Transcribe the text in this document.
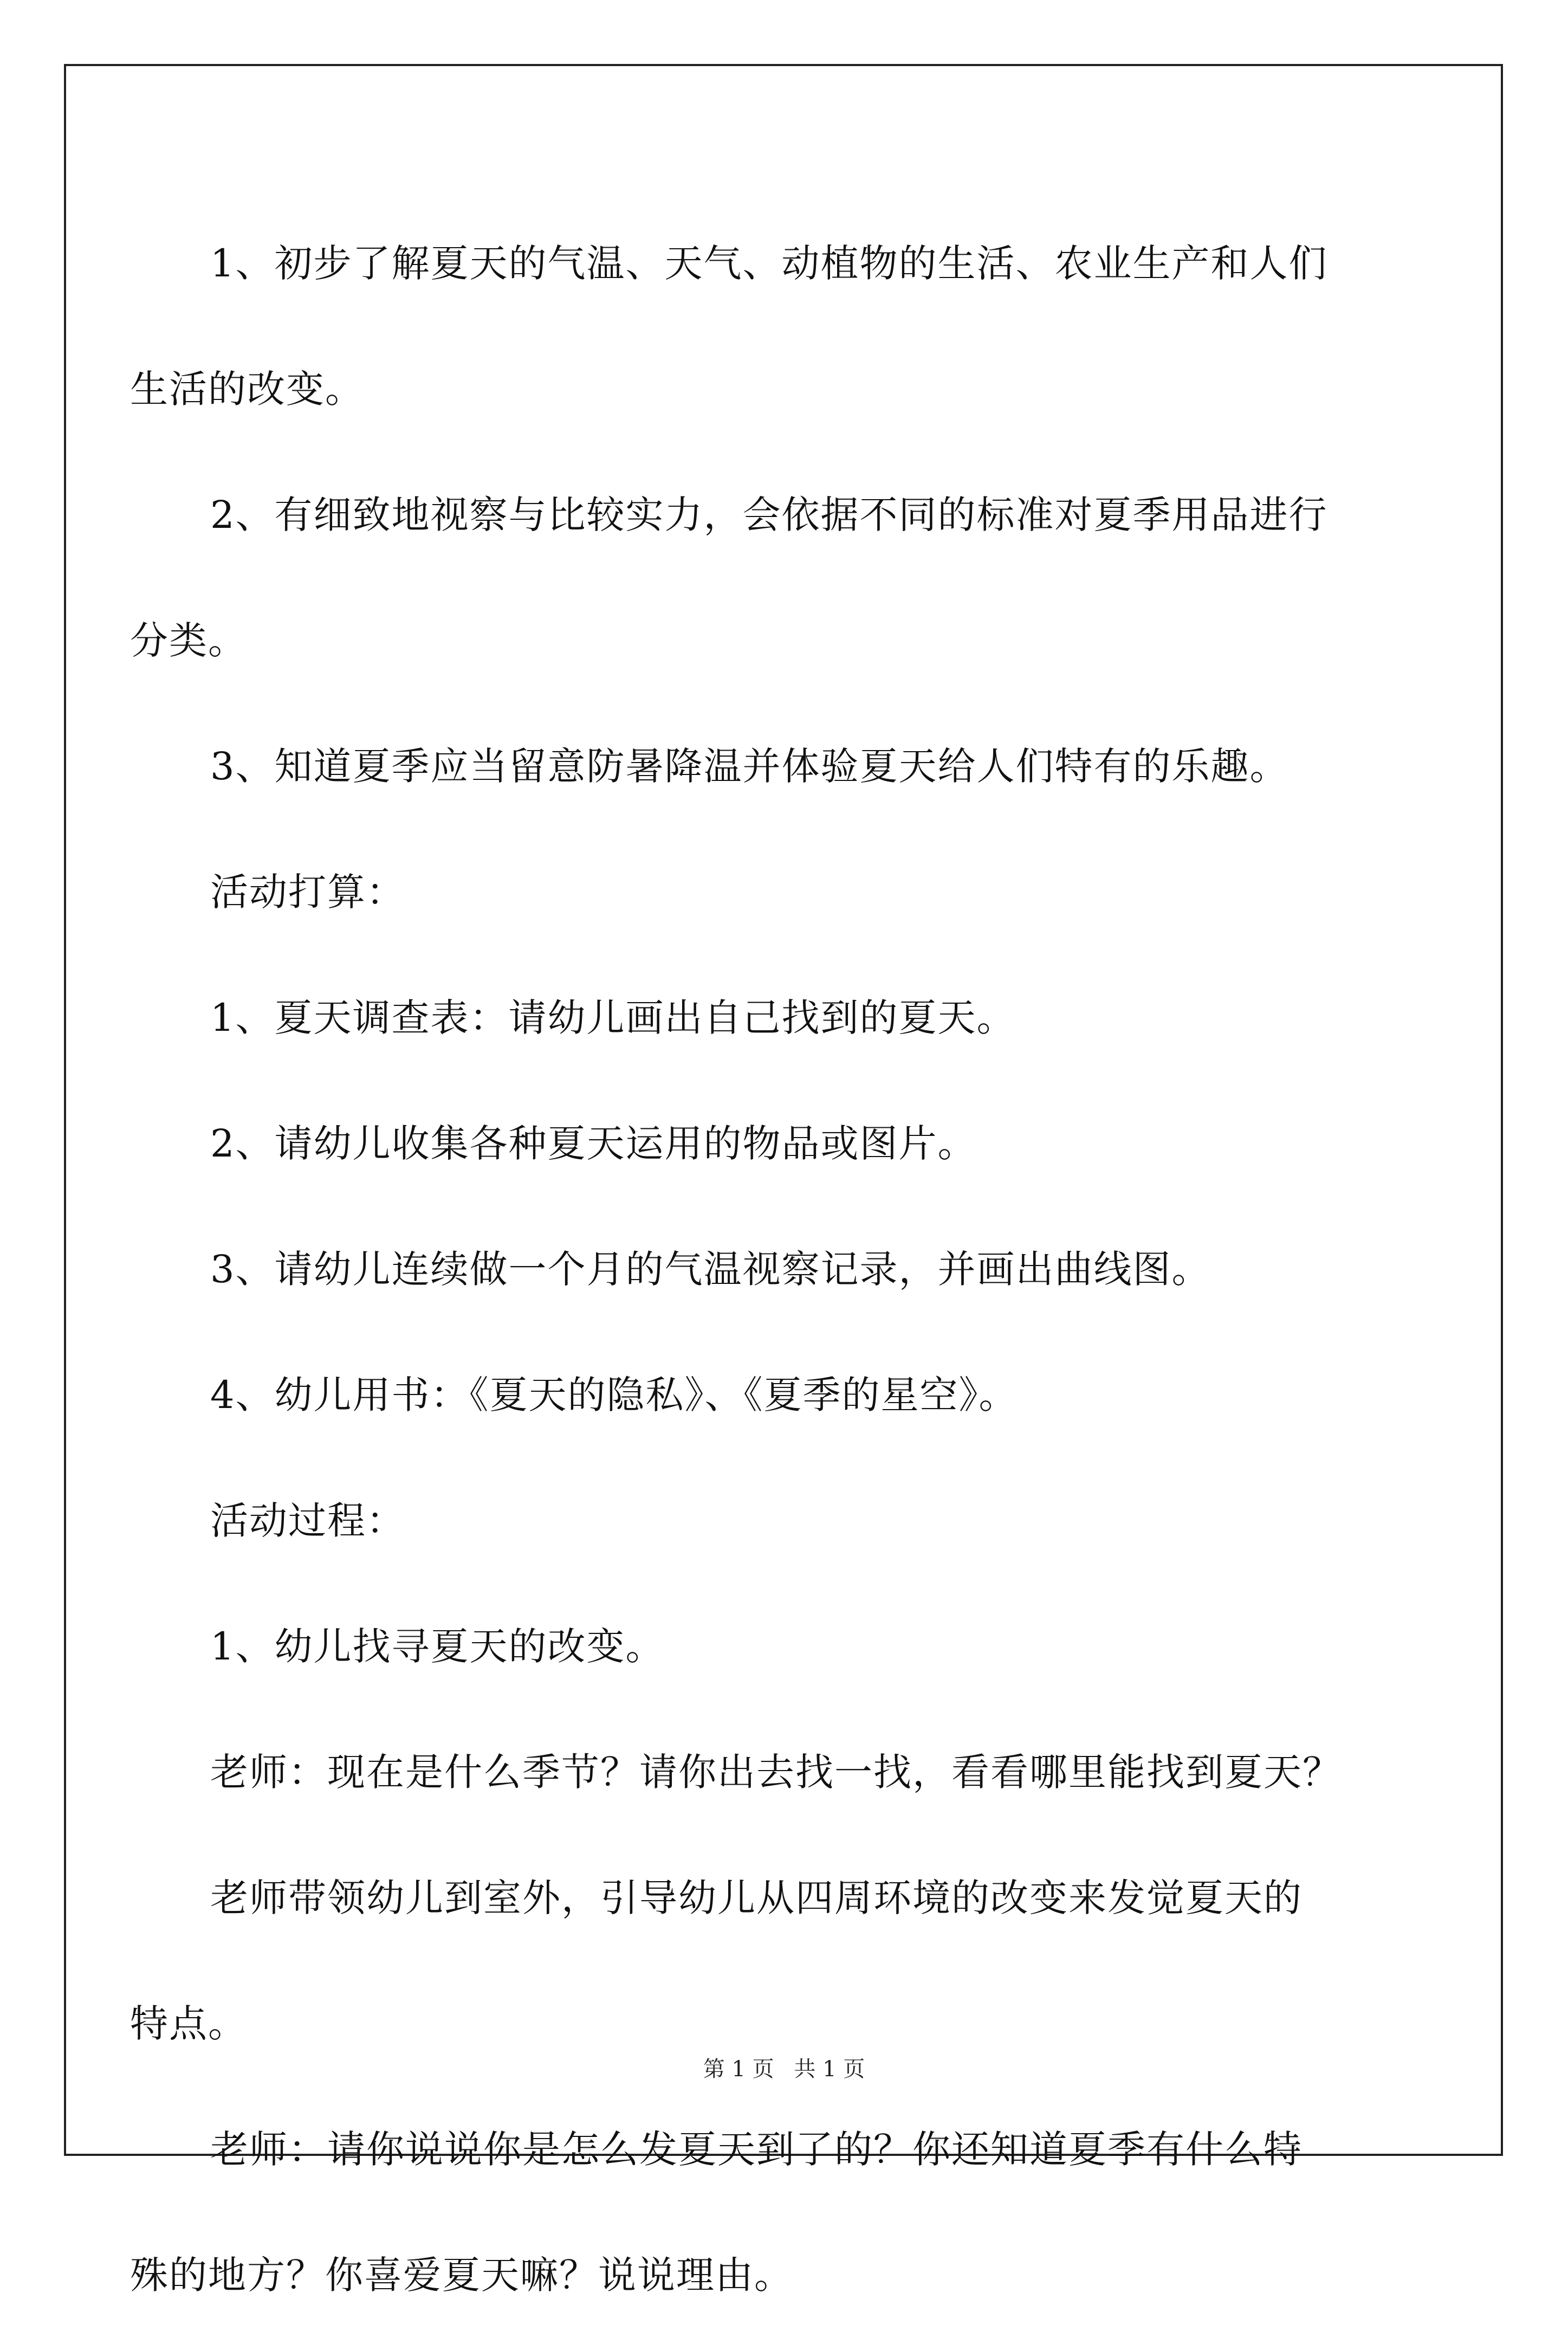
1、初步了解夏天的气温、天气、动植物的生活、农业生产和人们

生活的改变。

2、有细致地视察与比较实力，会依据不同的标准对夏季用品进行

分类。

3、知道夏季应当留意防暑降温并体验夏天给人们特有的乐趣。

活动打算：

1、夏天调查表：请幼儿画出自己找到的夏天。

2、请幼儿收集各种夏天运用的物品或图片。

3、请幼儿连续做一个月的气温视察记录，并画出曲线图。

4、幼儿用书：《夏天的隐私》、《夏季的星空》。

活动过程：

1、幼儿找寻夏天的改变。

老师：现在是什么季节？请你出去找一找，看看哪里能找到夏天？

老师带领幼儿到室外，引导幼儿从四周环境的改变来发觉夏天的

特点。

老师：请你说说你是怎么发夏天到了的？你还知道夏季有什么特

殊的地方？你喜爱夏天嘛？说说理由。

第 1 页 共 1 页
